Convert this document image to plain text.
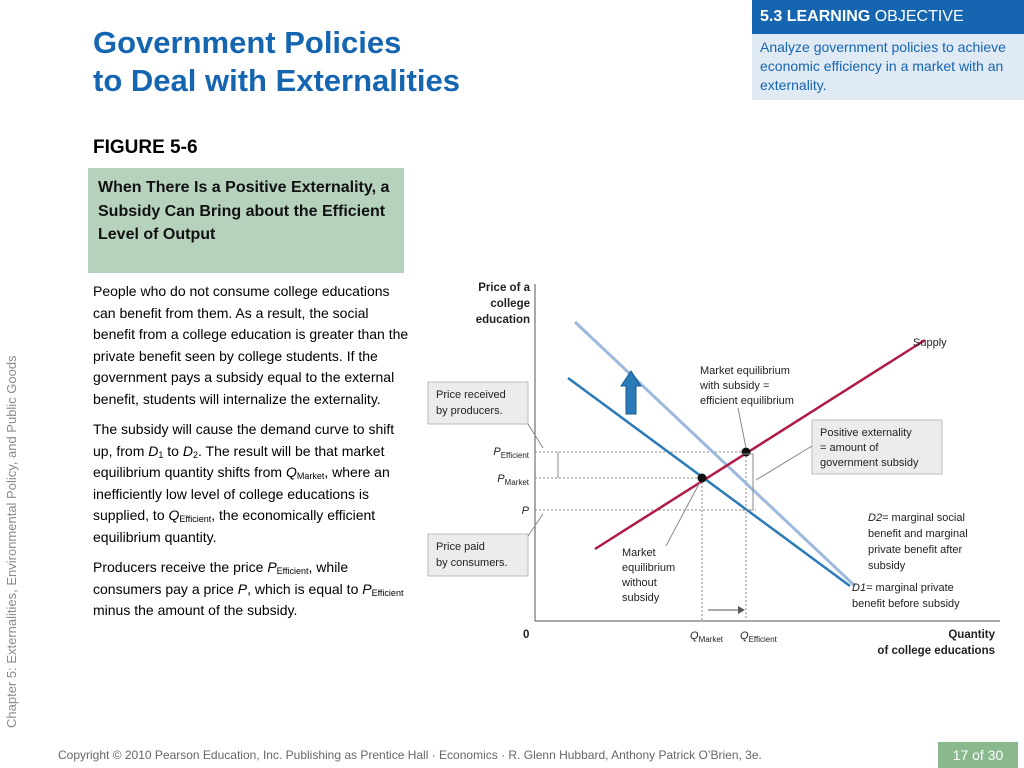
Government Policies
to Deal with Externalities
5.3 LEARNING OBJECTIVE
Analyze government policies to achieve economic efficiency in a market with an externality.
FIGURE 5-6
When There Is a Positive Externality, a Subsidy Can Bring about the Efficient Level of Output

People who do not consume college educations can benefit from them. As a result, the social benefit from a college education is greater than the private benefit seen by college students. If the government pays a subsidy equal to the external benefit, students will internalize the externality.

The subsidy will cause the demand curve to shift up, from $D_1$ to $D_2$. The result will be that market equilibrium quantity shifts from $Q_{Market}$, where an inefficiently low level of college educations is supplied, to $Q_{Efficient}$, the economically efficient equilibrium quantity.

Producers receive the price $P_{Efficient}$, while consumers pay a price P, which is equal to $P_{Efficient}$ minus the amount of the subsidy.

Price of a
college
education
Quantity
of college educations
0
$P_{Efficient}$
$P_{Market}$
P
$Q_{Market}$ $Q_{Efficient}$
Supply
D2= marginal social
benefit and marginal
private benefit after
subsidy
D1= marginal private
benefit before subsidy
Price received
by producers.
Price paid
by consumers.
Market equilibrium
with subsidy =
efficient equilibrium
Positive externality
= amount of
government subsidy
Market
equilibrium
without
subsidy
Chapter 5: Externalities, Environmental Policy, and Public Goods
Copyright © 2010 Pearson Education, Inc. Publishing as Prentice Hall · Economics · R. Glenn Hubbard, Anthony Patrick O’Brien, 3e.	17 of 30
